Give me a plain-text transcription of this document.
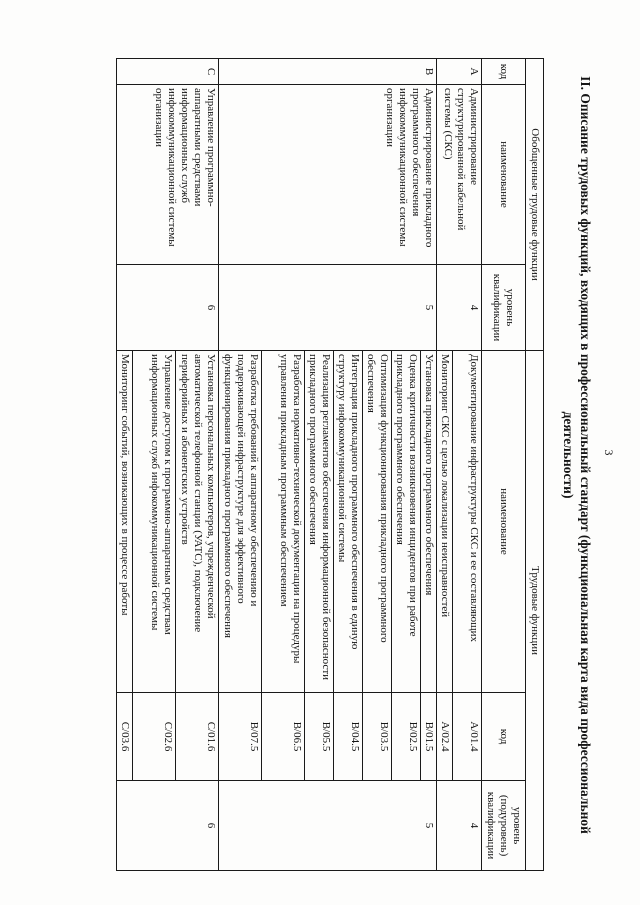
3
II. Описание трудовых функций, входящих в профессиональный стандарт (функциональная карта вида профессиональной деятельности)
Обобщенные трудовые функции			Трудовые функции		
код	наименование	уровень квалификации	наименование	код	уровень (подуровень) квалификации
A	Администрирование структурированной кабельной системы (СКС)	4	Документирование инфраструктуры СКС и ее составляющих	A/01.4	4
			Мониторинг СКС с целью локализации неисправностей	A/02.4	
B	Администрирование прикладного программного обеспечения инфокоммуникационной системы организации	5	Установка прикладного программного обеспечения	B/01.5	5
			Оценка критичности возникновения инцидентов при работе прикладного программного обеспечения	B/02.5	
			Оптимизация функционирования прикладного программного обеспечения	B/03.5	
			Интеграция прикладного программного обеспечения в единую структуру инфокоммуникационной системы	B/04.5	
			Реализация регламентов обеспечения информационной безопасности прикладного программного обеспечения	B/05.5	
			Разработка нормативно-технической документации на процедуры управления прикладным программным обеспечением	B/06.5	
			Разработка требований к аппаратному обеспечению и поддерживающей инфраструктуре для эффективного функционирования прикладного программного обеспечения	B/07.5	
C	Управление программно-аппаратными средствами информационных служб инфокоммуникационной системы организации	6	Установка персональных компьютеров, учрежденческой автоматической телефонной станции (УАТС), подключение периферийных и абонентских устройств	C/01.6	6
			Управление доступом к программно-аппаратным средствам информационных служб инфокоммуникационной системы	C/02.6	
			Мониторинг событий, возникающих в процессе работы	C/03.6	
